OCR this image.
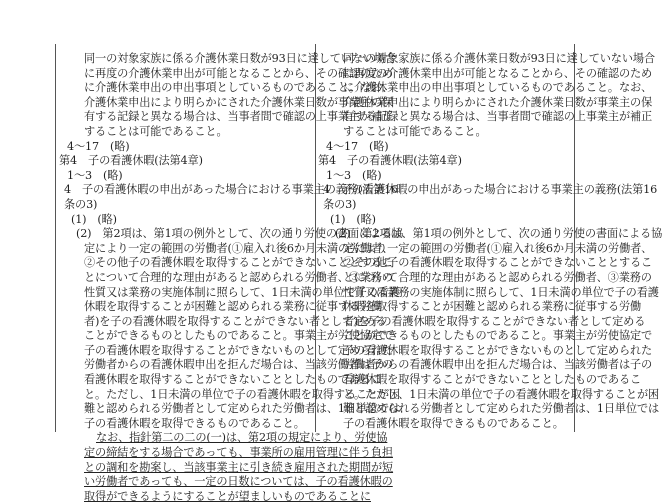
同一の対象家族に係る介護休業日数が93日に達していない場合
に再度の介護休業申出が可能となることから、その確認のため
に介護休業申出の申出事項としているものであること。なお、
介護休業申出により明らかにされた介護休業日数が事業主の保
有する記録と異なる場合は、当事者間で確認の上事業主が補正
することは可能であること。
4～17　(略)
第4　子の看護休暇(法第4章)
1～3　(略)
4　子の看護休暇の申出があった場合における事業主の義務(法第16
条の3)
(1)　(略)
(2)　第2項は、第1項の例外として、次の通り労使の書面による協
定により一定の範囲の労働者(①雇入れ後6か月未満の労働者、
②その他子の看護休暇を取得することができないこととするこ
とについて合理的な理由があると認められる労働者、③業務の
性質又は業務の実施体制に照らして、1日未満の単位で子の看護
休暇を取得することが困難と認められる業務に従事する労働
者)を子の看護休暇を取得することができない者として定める
ことができるものとしたものであること。事業主が労使協定で
子の看護休暇を取得することができないものとして定められた
労働者からの看護休暇申出を拒んだ場合は、当該労働者は子の
看護休暇を取得することができないこととしたものであるこ
と。ただし、1日未満の単位で子の看護休暇を取得することが困
難と認められる労働者として定められた労働者は、1日単位では
子の看護休暇を取得できるものであること。
なお、指針第二の二の(一)は、第2項の規定により、労使協
定の締結をする場合であっても、事業所の雇用管理に伴う負担
との調和を勘案し、当該事業主に引き続き雇用された期間が短
い労働者であっても、一定の日数については、子の看護休暇の
取得ができるようにすることが望ましいものであることに
同一の対象家族に係る介護休業日数が93日に達していない場合
に再度の介護休業申出が可能となることから、その確認のため
に介護休業申出の申出事項としているものであること。なお、
介護休業申出により明らかにされた介護休業日数が事業主の保
有する記録と異なる場合は、当事者間で確認の上事業主が補正
することは可能であること。
4～17　(略)
第4　子の看護休暇(法第4章)
1～3　(略)
4　子の看護休暇の申出があった場合における事業主の義務(法第16
条の3)
(1)　(略)
(2)　第2項は、第1項の例外として、次の通り労使の書面による協
定により一定の範囲の労働者(①雇入れ後6か月未満の労働者、
②その他子の看護休暇を取得することができないこととするこ
とについて合理的な理由があると認められる労働者、③業務の
性質又は業務の実施体制に照らして、1日未満の単位で子の看護
休暇を取得することが困難と認められる業務に従事する労働
者)を子の看護休暇を取得することができない者として定める
ことができるものとしたものであること。事業主が労使協定で
子の看護休暇を取得することができないものとして定められた
労働者からの看護休暇申出を拒んだ場合は、当該労働者は子の
看護休暇を取得することができないこととしたものであるこ
と。ただし、1日未満の単位で子の看護休暇を取得することが困
難と認められる労働者として定められた労働者は、1日単位では
子の看護休暇を取得できるものであること。
